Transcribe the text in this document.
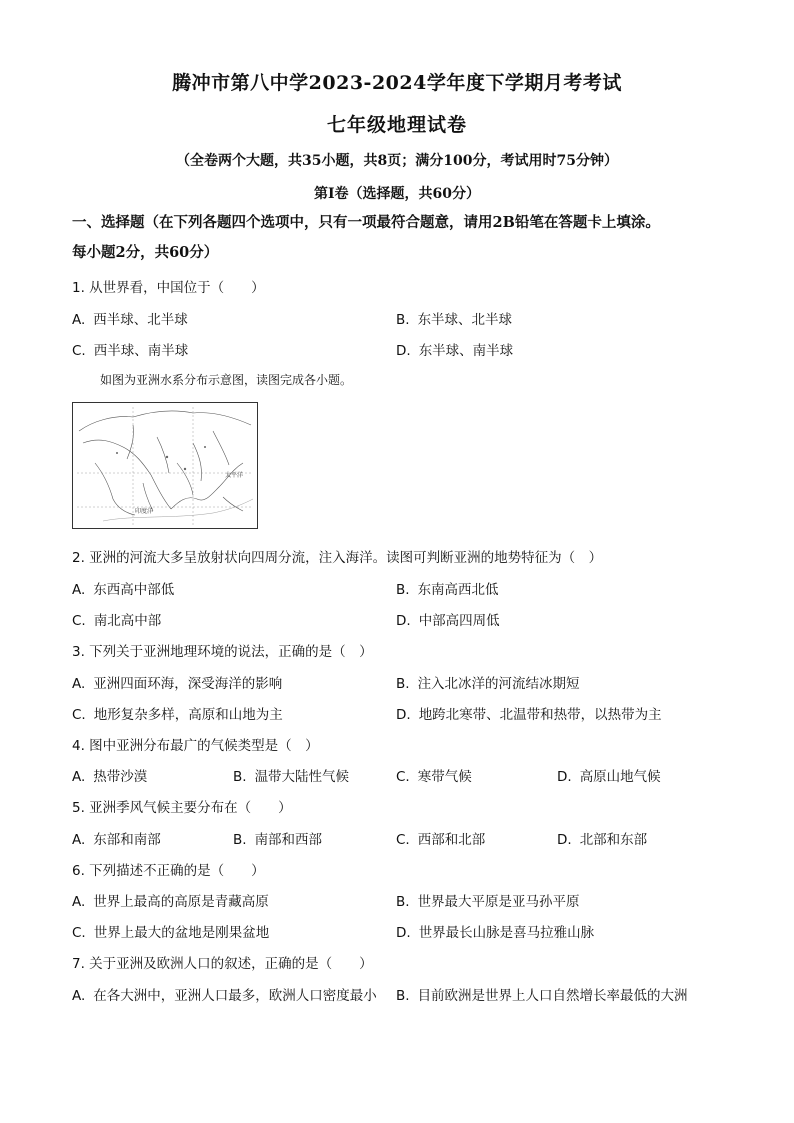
腾冲市第八中学2023-2024学年度下学期月考考试
七年级地理试卷
（全卷两个大题，共35小题，共8页；满分100分，考试用时75分钟）
第Ⅰ卷（选择题，共60分）
一、选择题（在下列各题四个选项中，只有一项最符合题意，请用2B铅笔在答题卡上填涂。
每小题2分，共60分）
1. 从世界看，中国位于（　　）
A. 西半球、北半球	B. 东半球、北半球
C. 西半球、南半球	D. 东半球、南半球
如图为亚洲水系分布示意图，读图完成各小题。
太平洋
印度洋
2. 亚洲的河流大多呈放射状向四周分流，注入海洋。读图可判断亚洲的地势特征为（　）
A. 东西高中部低	B. 东南高西北低
C. 南北高中部	D. 中部高四周低
3. 下列关于亚洲地理环境的说法，正确的是（　）
A. 亚洲四面环海，深受海洋的影响	B. 注入北冰洋的河流结冰期短
C. 地形复杂多样，高原和山地为主	D. 地跨北寒带、北温带和热带，以热带为主
4. 图中亚洲分布最广的气候类型是（　）
A. 热带沙漠	B. 温带大陆性气候	C. 寒带气候	D. 高原山地气候
5. 亚洲季风气候主要分布在（　　）
A. 东部和南部	B. 南部和西部	C. 西部和北部	D. 北部和东部
6. 下列描述不正确的是（　　）
A. 世界上最高的高原是青藏高原	B. 世界最大平原是亚马孙平原
C. 世界上最大的盆地是刚果盆地	D. 世界最长山脉是喜马拉雅山脉
7. 关于亚洲及欧洲人口的叙述，正确的是（　　）
A. 在各大洲中，亚洲人口最多，欧洲人口密度最小 B. 目前欧洲是世界上人口自然增长率最低的大洲
